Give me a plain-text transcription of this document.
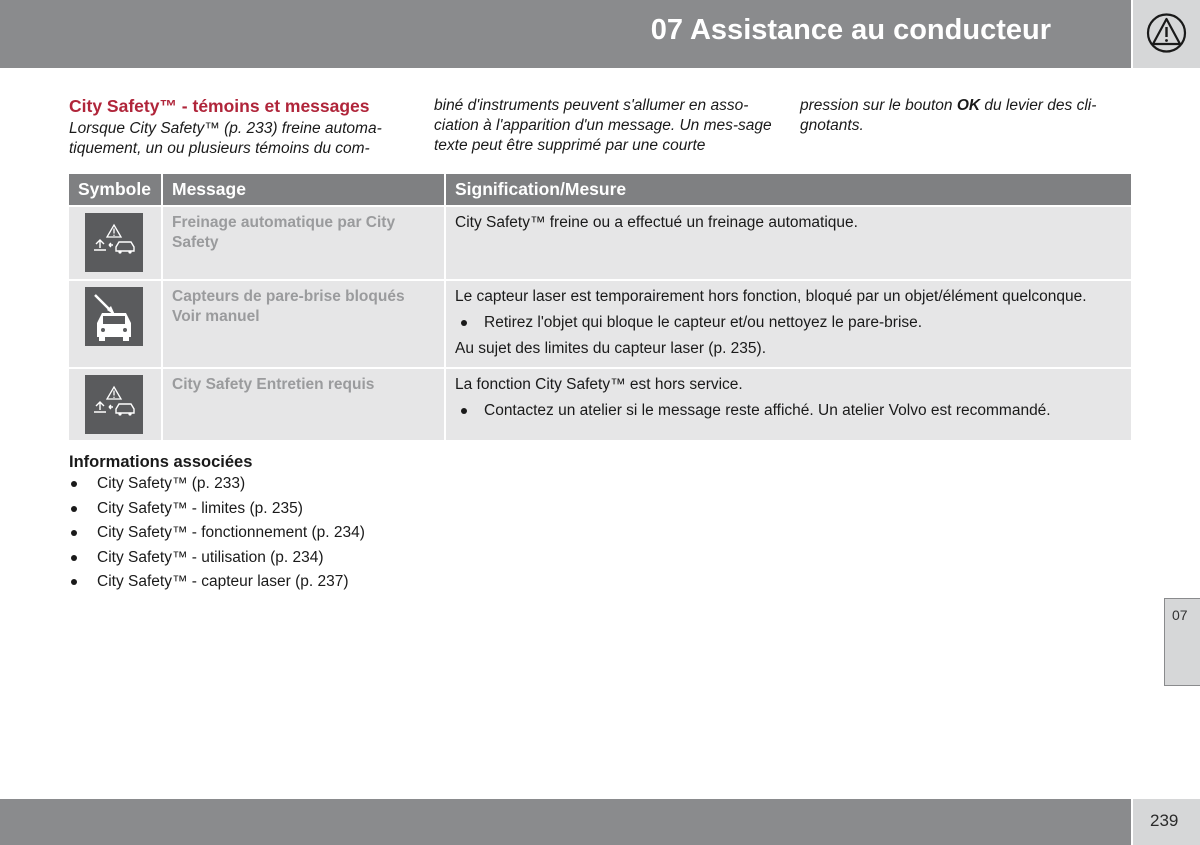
07 Assistance au conducteur
City Safety™ - témoins et messages

Lorsque City Safety™ (p. 233) freine automa-tiquement, un ou plusieurs témoins du com-

biné d'instruments peuvent s'allumer en asso-ciation à l'apparition d'un message. Un mes-sage texte peut être supprimé par une courte

pression sur le bouton OK du levier des cli-gnotants.

Symbole	Message	Signification/Mesure

	Freinage automatique par City Safety	City Safety™ freine ou a effectué un freinage automatique.

	Capteurs de pare-brise bloqués Voir manuel	Le capteur laser est temporairement hors fonction, bloqué par un objet/élément quelconque.

Retirez l'objet qui bloque le capteur et/ou nettoyez le pare-brise.

Au sujet des limites du capteur laser (p. 235).

	City Safety Entretien requis	La fonction City Safety™ est hors service.

Contactez un atelier si le message reste affiché. Un atelier Volvo est recommandé.

Informations associées

City Safety™ (p. 233)
City Safety™ - limites (p. 235)
City Safety™ - fonctionnement (p. 234)
City Safety™ - utilisation (p. 234)
City Safety™ - capteur laser (p. 237)
07
239
